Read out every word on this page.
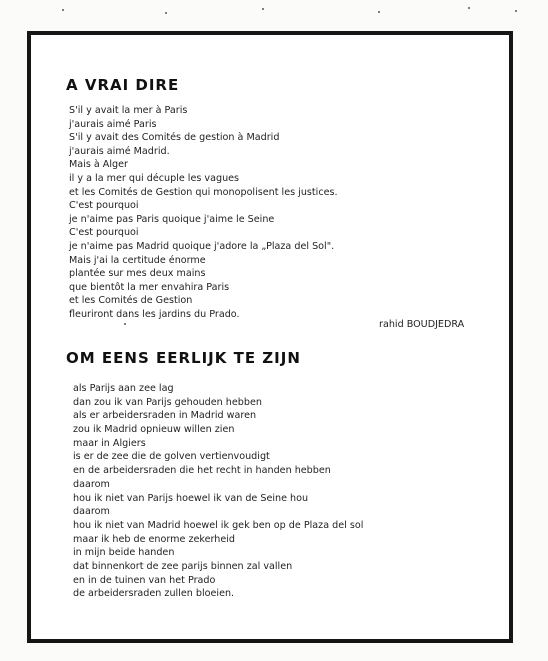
A VRAI DIRE
S'il y avait la mer à Paris
j'aurais aimé Paris
S'il y avait des Comités de gestion à Madrid
j'aurais aimé Madrid.
Mais à Alger
il y a la mer qui décuple les vagues
et les Comités de Gestion qui monopolisent les justices.
C'est pourquoi
je n'aime pas Paris quoique j'aime le Seine
C'est pourquoi
je n'aime pas Madrid quoique j'adore la „Plaza del Sol".
Mais j'ai la certitude énorme
plantée sur mes deux mains
que bientôt la mer envahira Paris
et les Comités de Gestion
fleuriront dans les jardins du Prado.
rahid BOUDJEDRA
OM EENS EERLIJK TE ZIJN
als Parijs aan zee lag
dan zou ik van Parijs gehouden hebben
als er arbeidersraden in Madrid waren
zou ik Madrid opnieuw willen zien
maar in Algiers
is er de zee die de golven vertienvoudigt
en de arbeidersraden die het recht in handen hebben
daarom
hou ik niet van Parijs hoewel ik van de Seine hou
daarom
hou ik niet van Madrid hoewel ik gek ben op de Plaza del sol
maar ik heb de enorme zekerheid
in mijn beide handen
dat binnenkort de zee parijs binnen zal vallen
en in de tuinen van het Prado
de arbeidersraden zullen bloeien.
